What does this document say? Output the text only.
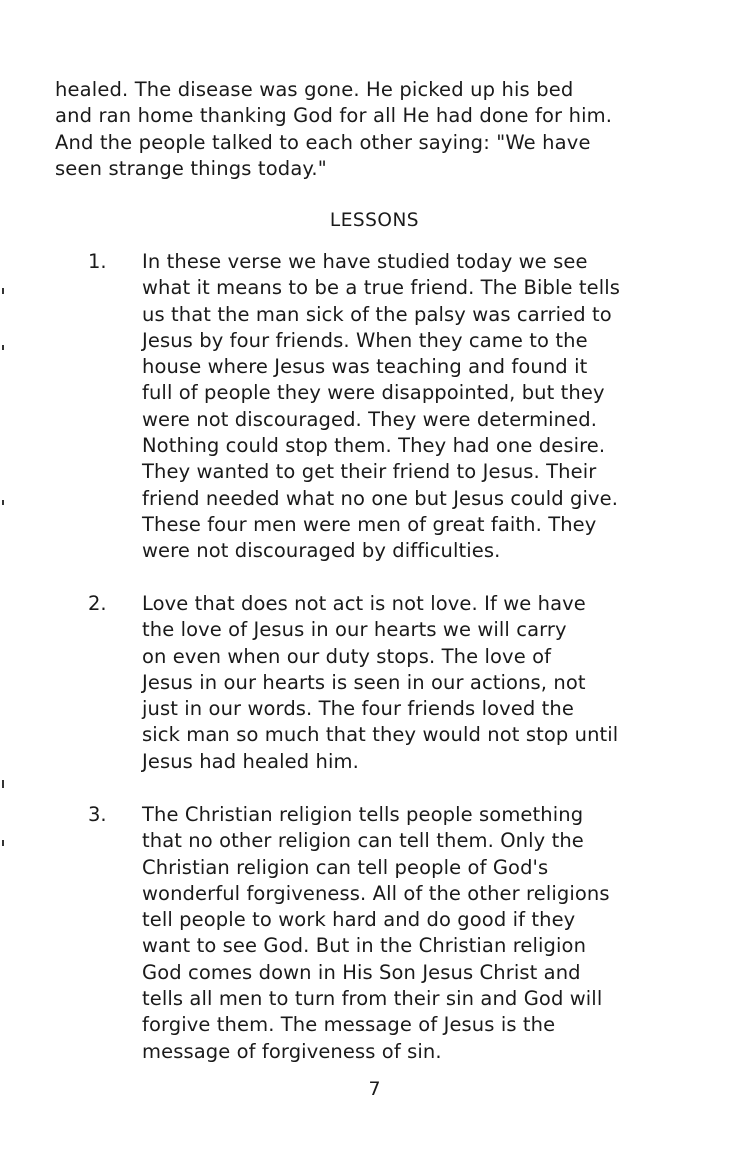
healed. The disease was gone. He picked up his bed
and ran home thanking God for all He had done for him.
And the people talked to each other saying: "We have
seen strange things today."
LESSONS
1. In these verse we have studied today we see
what it means to be a true friend. The Bible tells
us that the man sick of the palsy was carried to
Jesus by four friends. When they came to the
house where Jesus was teaching and found it
full of people they were disappointed, but they
were not discouraged. They were determined.
Nothing could stop them. They had one desire.
They wanted to get their friend to Jesus. Their
friend needed what no one but Jesus could give.
These four men were men of great faith. They
were not discouraged by difficulties.
2. Love that does not act is not love. If we have
the love of Jesus in our hearts we will carry
on even when our duty stops. The love of
Jesus in our hearts is seen in our actions, not
just in our words. The four friends loved the
sick man so much that they would not stop until
Jesus had healed him.
3. The Christian religion tells people something
that no other religion can tell them. Only the
Christian religion can tell people of God's
wonderful forgiveness. All of the other religions
tell people to work hard and do good if they
want to see God. But in the Christian religion
God comes down in His Son Jesus Christ and
tells all men to turn from their sin and God will
forgive them. The message of Jesus is the
message of forgiveness of sin.
7
